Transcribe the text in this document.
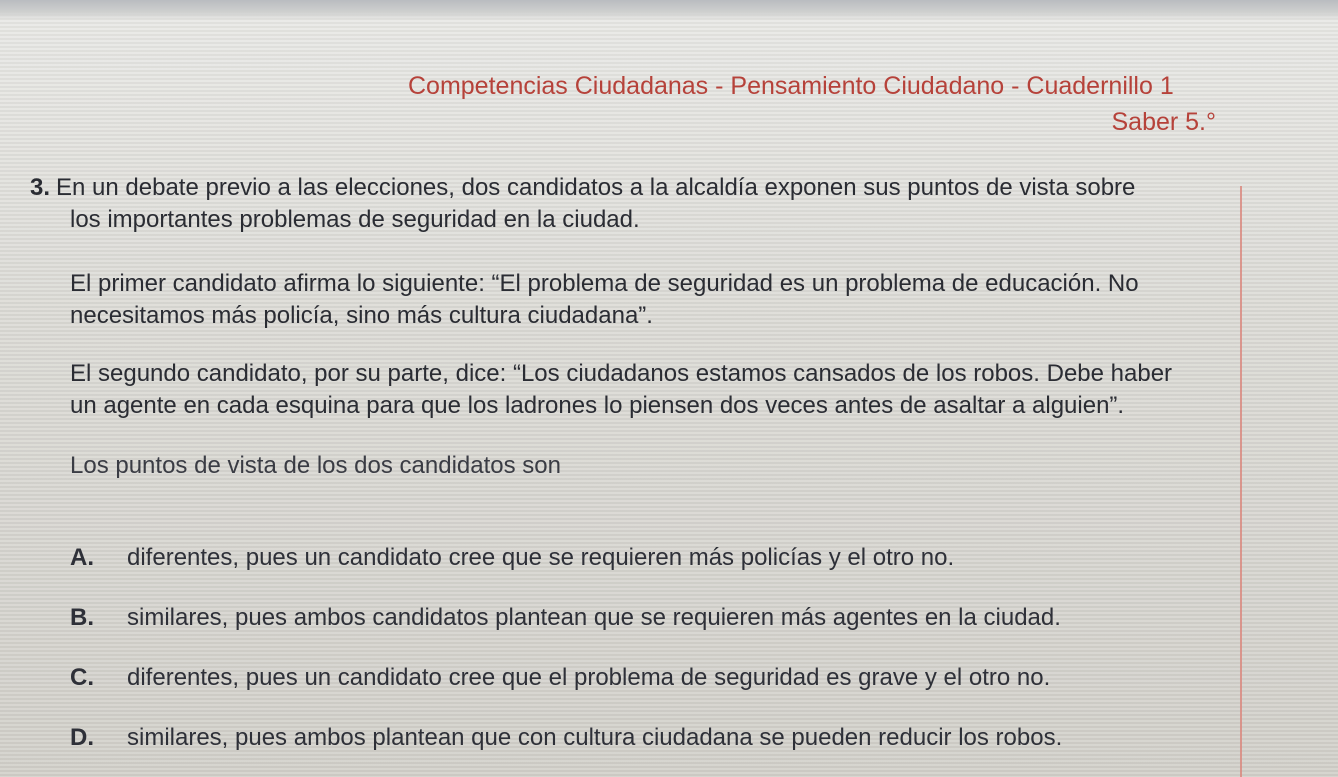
Competencias Ciudadanas - Pensamiento Ciudadano - Cuadernillo 1
Saber 5.°

3. En un debate previo a las elecciones, dos candidatos a la alcaldía exponen sus puntos de vista sobre

los importantes problemas de seguridad en la ciudad.

El primer candidato afirma lo siguiente: “El problema de seguridad es un problema de educación. No
necesitamos más policía, sino más cultura ciudadana”.
El segundo candidato, por su parte, dice: “Los ciudadanos estamos cansados de los robos. Debe haber
un agente en cada esquina para que los ladrones lo piensen dos veces antes de asaltar a alguien”.
Los puntos de vista de los dos candidatos son
A. diferentes, pues un candidato cree que se requieren más policías y el otro no.
B. similares, pues ambos candidatos plantean que se requieren más agentes en la ciudad.
C. diferentes, pues un candidato cree que el problema de seguridad es grave y el otro no.
D. similares, pues ambos plantean que con cultura ciudadana se pueden reducir los robos.
